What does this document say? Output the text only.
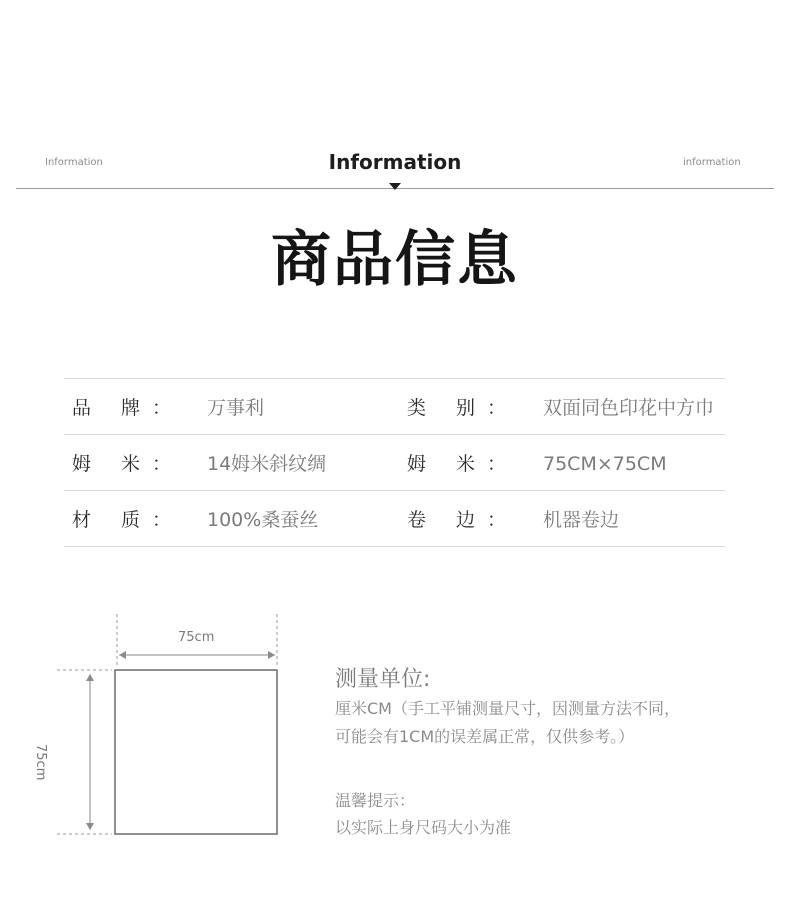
Information	Information	information
商品信息
品 牌： 万事利	类 别： 双面同色印花中方巾
姆 米： 14姆米斜纹绸	姆 米： 75CM×75CM
材 质： 100%桑蚕丝	卷 边： 机器卷边
75cm
75cm
测量单位:
厘米CM（手工平铺测量尺寸，因测量方法不同，
可能会有1CM的误差属正常，仅供参考。）
温馨提示：
以实际上身尺码大小为准
